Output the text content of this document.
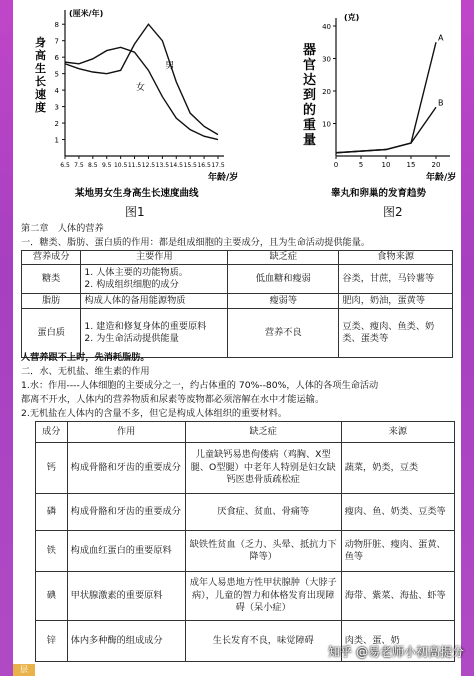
(厘米/年)
身
高
生
长
速
度
8
7
6
5
4
3
2
1
6.5 7.5 8.5 9.5 10.5 11.5 12.5 13.5 14.5 15.5 16.5 17.5
年龄/岁
男
女
某地男女生身高生长速度曲线
图1
(克)
器
官
达
到
的
重
量
40
30
20
10
0	5	10 15 20
年龄/岁
A
B
睾丸和卵巢的发育趋势
图2
第二章　人体的营养
一．糖类、脂肪、蛋白质的作用：都是组成细胞的主要成分，且为生命活动提供能量。
营养成分	主要作用	缺乏症	食物来源
糖类	1. 人体主要的功能物质。
2. 构成组织细胞的成分	低血糖和瘦弱	谷类，甘蔗，马铃薯等
脂肪	构成人体的备用能源物质	瘦弱等	肥肉，奶油，蛋黄等
蛋白质	1. 建造和修复身体的重要原料
2. 为生命活动提供能量	营养不良	豆类、瘦肉、鱼类、奶类、蛋类等
人营养跟不上时，先消耗脂肪。
二．水、无机盐、维生素的作用
1.水：作用----人体细胞的主要成分之一，约占体重的 70%--80%，人体的各项生命活动
都离不开水，人体内的营养物质和尿素等废物都必须溶解在水中才能运输。
2.无机盐在人体内的含量不多，但它是构成人体组织的重要材料。
成分	作用	缺乏症	来源
钙	构成骨骼和牙齿的重要成分	儿童缺钙易患佝偻病（鸡胸、X型腿、O型腿）中老年人特别是妇女缺钙医患骨质疏松症	蔬菜，奶类，豆类
磷	构成骨骼和牙齿的重要成分	厌食症、贫血、骨痛等	瘦肉、鱼、奶类、豆类等
铁	构成血红蛋白的重要原料	缺铁性贫血（乏力、头晕、抵抗力下降等）	动物肝脏、瘦肉、蛋黄、鱼等
碘	甲状腺激素的重要原料	成年人易患地方性甲状腺肿（大脖子病），儿童的智力和体格发育出现障碍（呆小症）	海带、紫菜、海盐、虾等
锌	体内多种酶的组成成分	生长发育不良，味觉障碍	肉类、蛋、奶
层
知乎 @易老师小初高提分
